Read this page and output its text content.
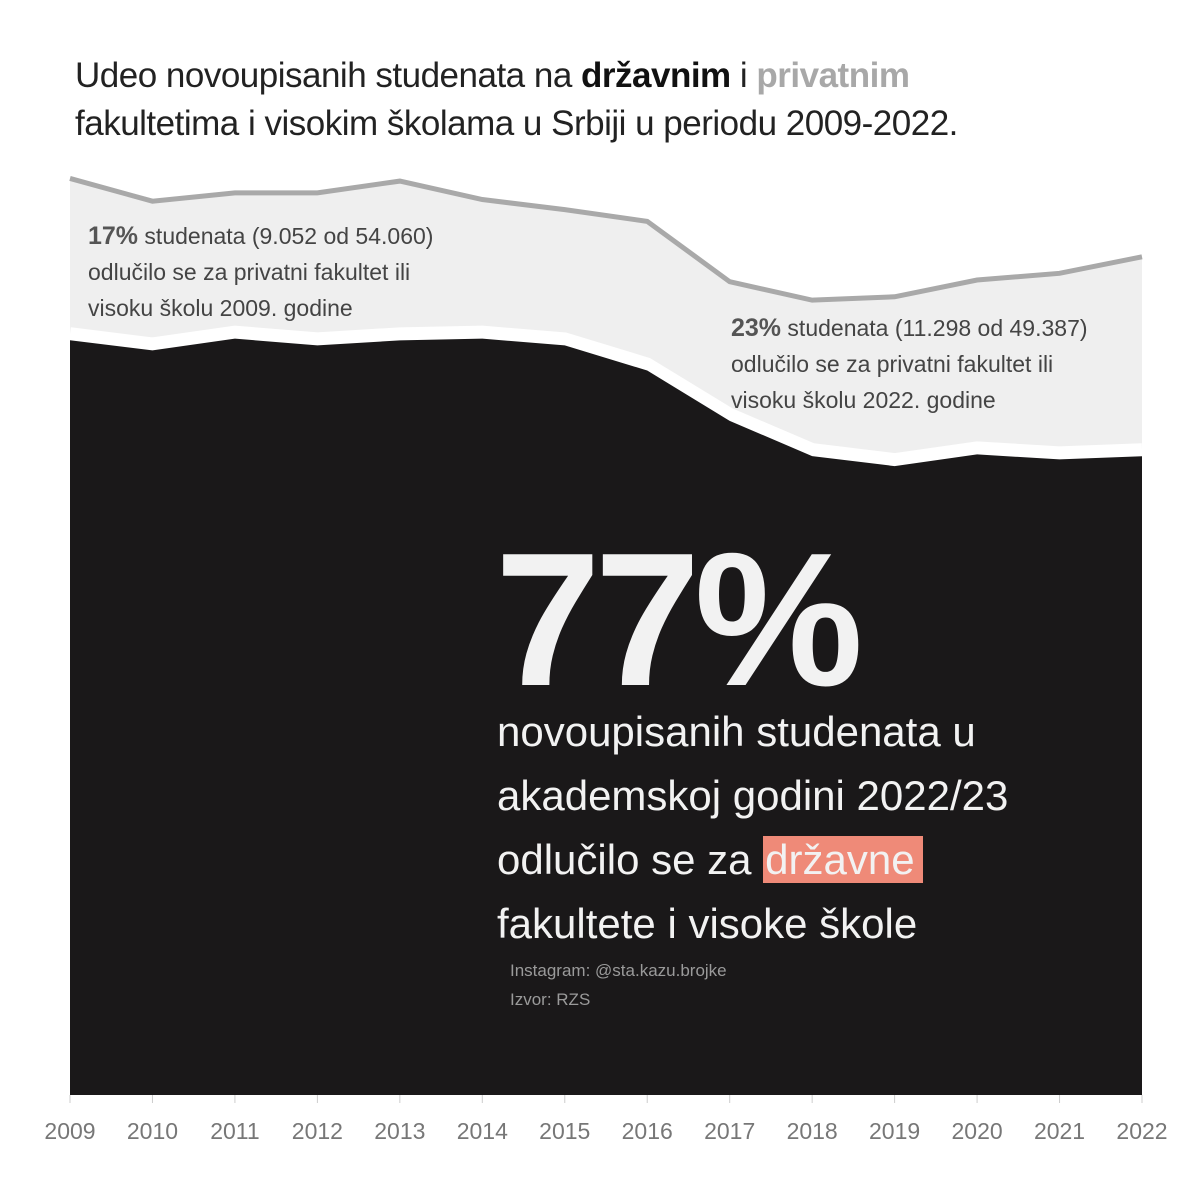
2009 2010 2011 2012 2013 2014 2015 2016 2017 2018 2019 2020 2021 2022
Udeo novoupisanih studenata na državnim i privatnim
fakultetima i visokim školama u Srbiji u periodu 2009-2022.
17% studenata (9.052 od 54.060)
odlučilo se za privatni fakultet ili
visoku školu 2009. godine
23% studenata (11.298 od 49.387)
odlučilo se za privatni fakultet ili
visoku školu 2022. godine
77%
novoupisanih studenata u
akademskoj godini 2022/23
odlučilo se za državne
fakultete i visoke škole
Instagram: @sta.kazu.brojke
Izvor: RZS
